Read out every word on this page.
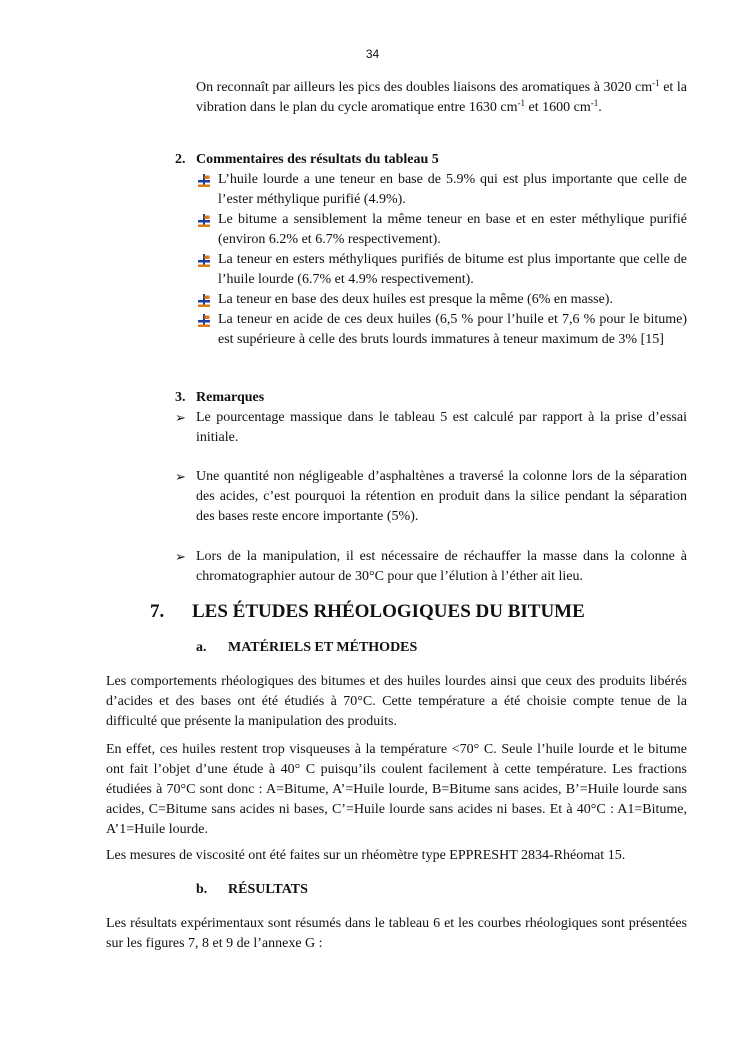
34
On reconnaît par ailleurs les pics des doubles liaisons des aromatiques à 3020 $cm^{-1}$ et la vibration dans le plan du cycle aromatique entre 1630 $cm^{-1}$ et 1600 $cm^{-1}$.
2. Commentaires des résultats du tableau 5
L’huile lourde a une teneur en base de 5.9% qui est plus importante que celle de l’ester méthylique purifié (4.9%).
Le bitume a sensiblement la même teneur en base et en ester méthylique purifié (environ 6.2% et 6.7% respectivement).
La teneur en esters méthyliques purifiés de bitume est plus importante que celle de l’huile lourde (6.7% et 4.9% respectivement).
La teneur en base des deux huiles est presque la même (6% en masse).
La teneur en acide de ces deux huiles (6,5 % pour l’huile et 7,6 % pour le bitume) est supérieure à celle des bruts lourds immatures à teneur maximum de 3% [15]
3. Remarques
➢ Le pourcentage massique dans le tableau 5 est calculé par rapport à la prise d’essai initiale.
➢ Une quantité non négligeable d’asphaltènes a traversé la colonne lors de la séparation des acides, c’est pourquoi la rétention en produit dans la silice pendant la séparation des bases reste encore importante (5%).
➢ Lors de la manipulation, il est nécessaire de réchauffer la masse dans la colonne à chromatographier autour de 30°C pour que l’élution à l’éther ait lieu.
7. LES ÉTUDES RHÉOLOGIQUES DU BITUME
a. MATÉRIELS ET MÉTHODES
Les comportements rhéologiques des bitumes et des huiles lourdes ainsi que ceux des produits libérés d’acides et des bases ont été étudiés à 70°C. Cette température a été choisie compte tenue de la difficulté que présente la manipulation des produits.
En effet, ces huiles restent trop visqueuses à la température <70° C. Seule l’huile lourde et le bitume ont fait l’objet d’une étude à 40° C puisqu’ils coulent facilement à cette température. Les fractions étudiées à 70°C sont donc : A=Bitume, A’=Huile lourde, B=Bitume sans acides, B’=Huile lourde sans acides, C=Bitume sans acides ni bases, C’=Huile lourde sans acides ni bases. Et à 40°C : A1=Bitume, A’1=Huile lourde.
Les mesures de viscosité ont été faites sur un rhéomètre type EPPRESHT 2834-Rhéomat 15.
b. RÉSULTATS
Les résultats expérimentaux sont résumés dans le tableau 6 et les courbes rhéologiques sont présentées sur les figures 7, 8 et 9 de l’annexe G :
